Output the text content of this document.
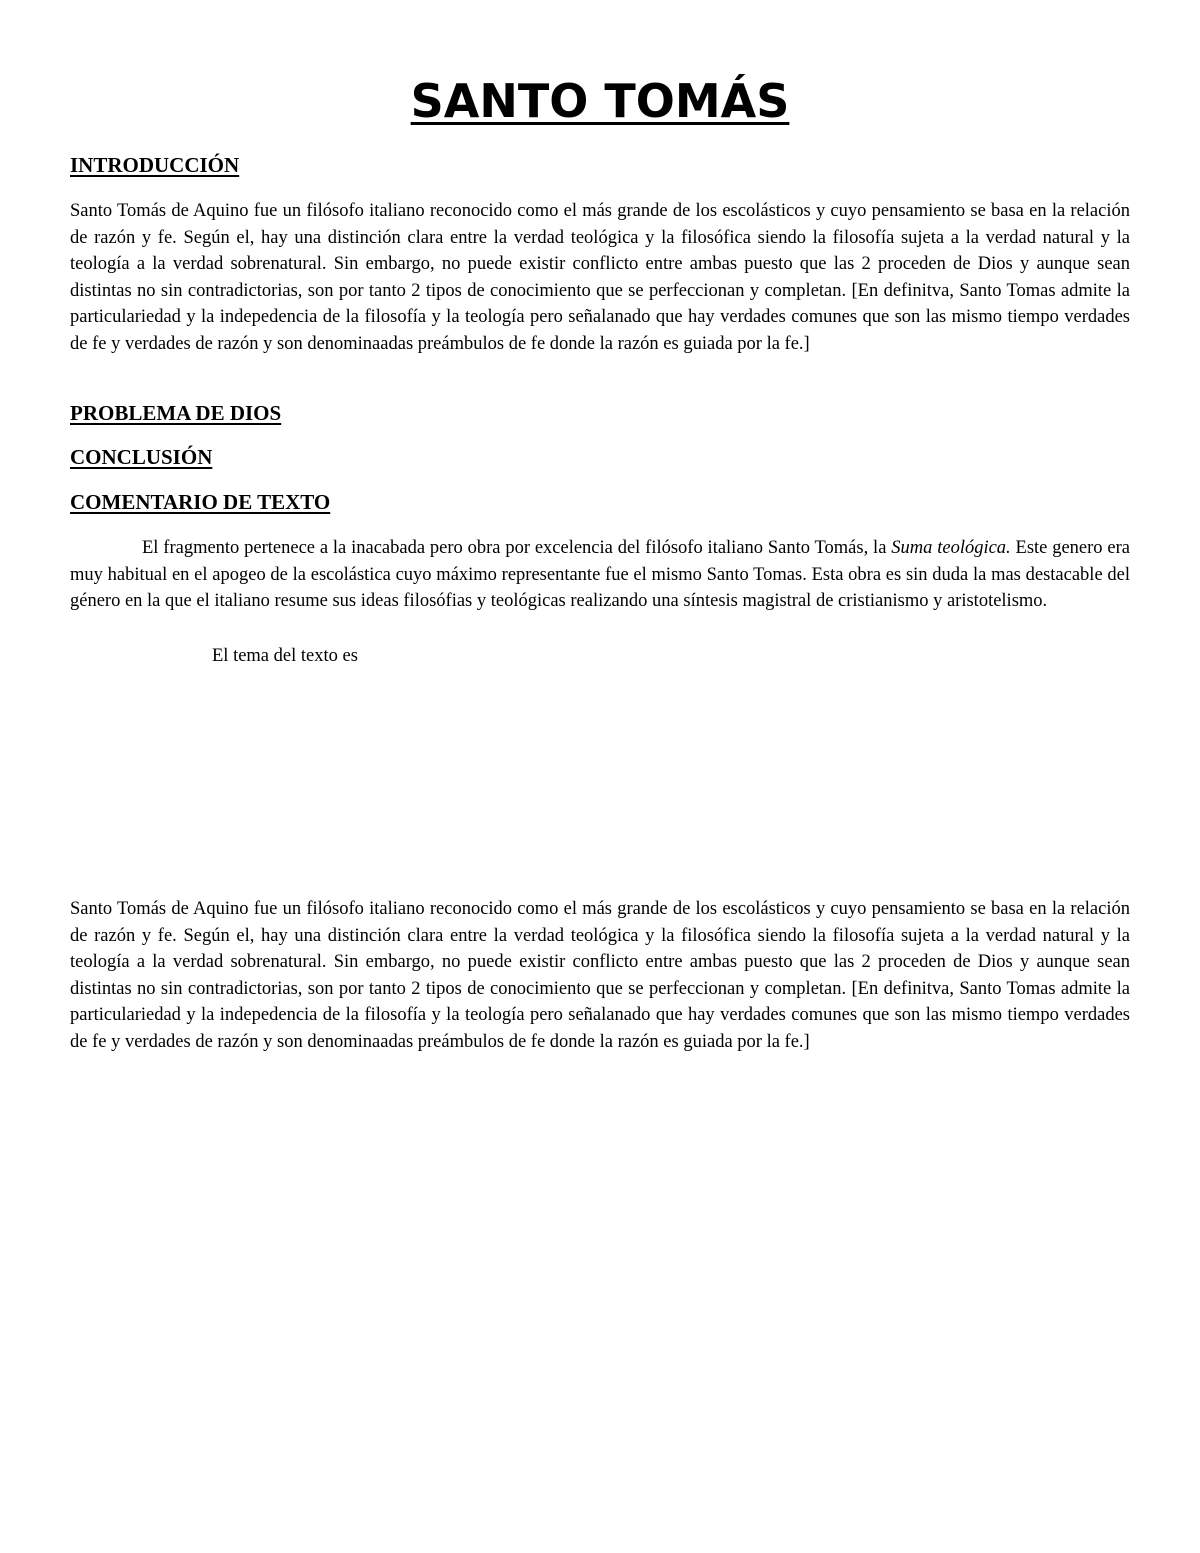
SANTO TOMÁS
INTRODUCCIÓN

Santo Tomás de Aquino fue un filósofo italiano reconocido como el más grande de los escolásticos y cuyo pensamiento se basa en la relación de razón y fe. Según el, hay una distinción clara entre la verdad teológica y la filosófica siendo la filosofía sujeta a la verdad natural y la teología a la verdad sobrenatural. Sin embargo, no puede existir conflicto entre ambas puesto que las 2 proceden de Dios y aunque sean distintas no sin contradictorias, son por tanto 2 tipos de conocimiento que se perfeccionan y completan. [En definitva, Santo Tomas admite la particulariedad y la indepedencia de la filosofía y la teología pero señalanado que hay verdades comunes que son las mismo tiempo verdades de fe y verdades de razón y son denominaadas preámbulos de fe donde la razón es guiada por la fe.]

PROBLEMA DE DIOS
CONCLUSIÓN
COMENTARIO DE TEXTO

El fragmento pertenece a la inacabada pero obra por excelencia del filósofo italiano Santo Tomás, la Suma teológica. Este genero era muy habitual en el apogeo de la escolástica cuyo máximo representante fue el mismo Santo Tomas. Esta obra es sin duda la mas destacable del género en la que el italiano resume sus ideas filosófias y teológicas realizando una síntesis magistral de cristianismo y aristotelismo.

El tema del texto es

Santo Tomás de Aquino fue un filósofo italiano reconocido como el más grande de los escolásticos y cuyo pensamiento se basa en la relación de razón y fe. Según el, hay una distinción clara entre la verdad teológica y la filosófica siendo la filosofía sujeta a la verdad natural y la teología a la verdad sobrenatural. Sin embargo, no puede existir conflicto entre ambas puesto que las 2 proceden de Dios y aunque sean distintas no sin contradictorias, son por tanto 2 tipos de conocimiento que se perfeccionan y completan. [En definitva, Santo Tomas admite la particulariedad y la indepedencia de la filosofía y la teología pero señalanado que hay verdades comunes que son las mismo tiempo verdades de fe y verdades de razón y son denominaadas preámbulos de fe donde la razón es guiada por la fe.]
